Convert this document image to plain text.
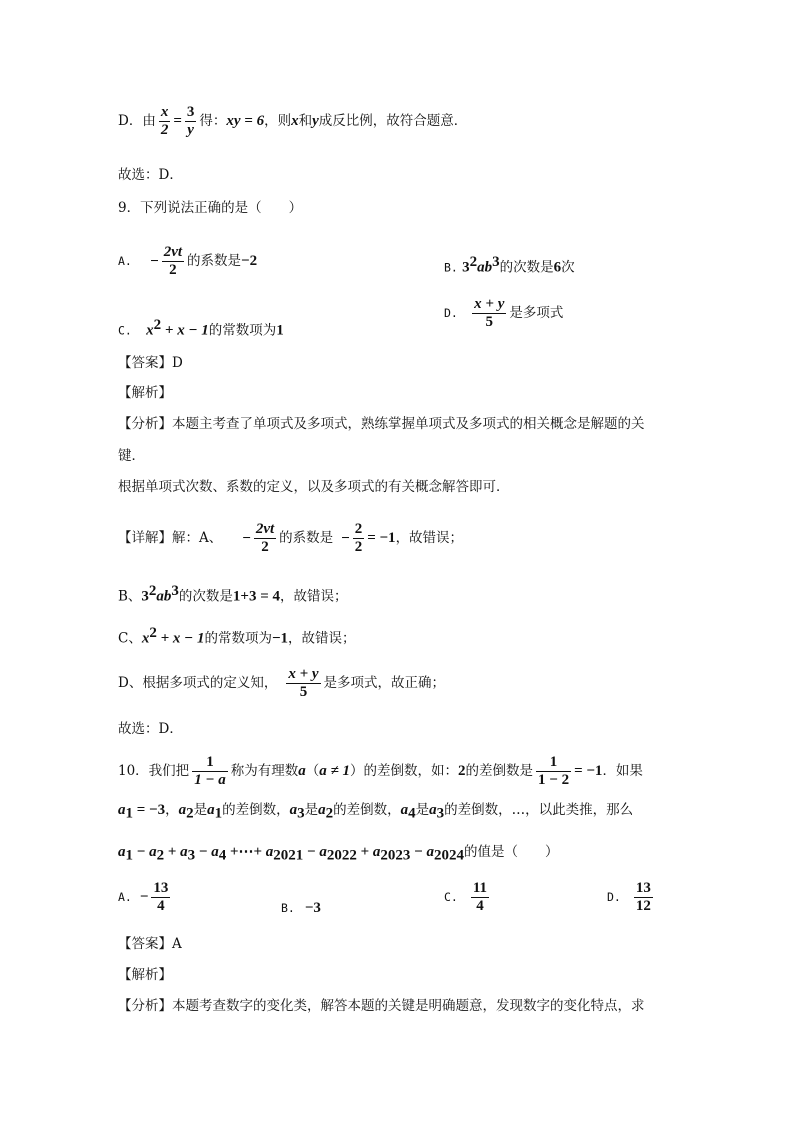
D．由 $\frac{x}{2} = \frac{3}{y}$ 得：xy = 6，则x和y成反比例，故符合题意．
故选：D．
9．下列说法正确的是（　　）
A. − $\frac{2vt}{2}$ 的系数是−2	B. $3^2ab^3$的次数是6次
C. $x^2 + x - 1$的常数项为1
D. $\frac{x + y}{5}$ 是多项式
【答案】D
【解析】
【分析】本题主考查了单项式及多项式，熟练掌握单项式及多项式的相关概念是解题的关
键．
根据单项式次数、系数的定义，以及多项式的有关概念解答即可．
【详解】解：A、 − $\frac{2vt}{2}$ 的系数是 − $\frac{2}{2} = -1$，故错误；
B、$3^2ab^3$的次数是1+3 = 4，故错误；
C、$x^2 + x - 1$的常数项为−1，故错误；
D、根据多项式的定义知， $\frac{x + y}{5}$ 是多项式，故正确；
故选：D．
10．我们把 $\frac{1}{1 - a}$ 称为有理数a（a ≠ 1）的差倒数，如：2的差倒数是 $\frac{1}{1 - 2} = -1$．如果
$a_1 = -3$，$a_2$是$a_1$的差倒数，$a_3$是$a_2$的差倒数，$a_4$是$a_3$的差倒数，…，以此类推，那么
$a_1 - a_2 + a_3 - a_4$ +⋯+ $a_{2021} - a_{2022} + a_{2023} - a_{2024}$的值是（　　）
A. − $\frac{13}{4}$	B. −3
C. $\frac{11}{4}$	D. $\frac{13}{12}$
【答案】A
【解析】
【分析】本题考查数字的变化类，解答本题的关键是明确题意，发现数字的变化特点，求
